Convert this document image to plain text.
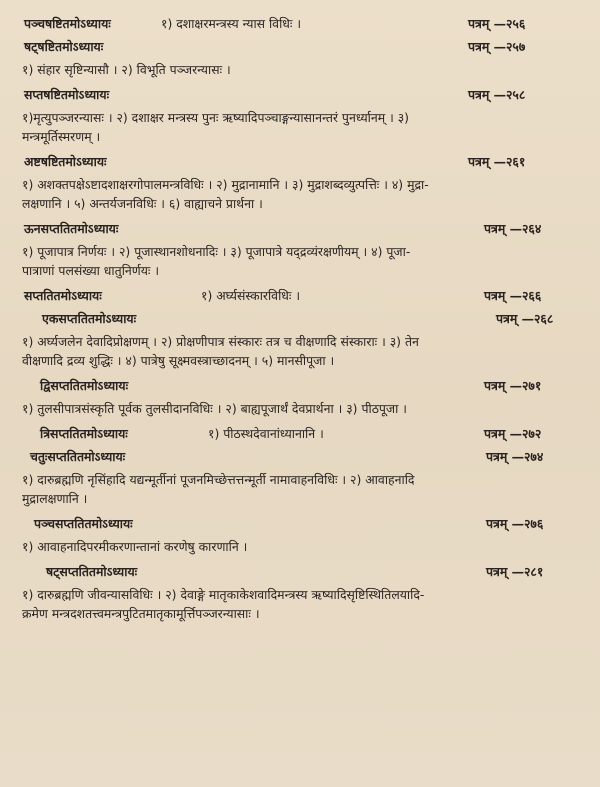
पञ्चषष्टितमोऽध्यायः	१) दशाक्षरमन्त्रस्य न्यास विधिः ।	पत्रम् —२५६
षट्षष्टितमोऽध्यायः	पत्रम् —२५७
१) संहार सृष्टिन्यासौ । २) विभूति पञ्जरन्यासः ।
सप्तषष्टितमोऽध्यायः	पत्रम् —२५८
१)मृत्युपञ्जरन्यासः । २) दशाक्षर मन्त्रस्य पुनः ऋष्यादिपञ्चाङ्गन्यासानन्तरं पुनर्ध्यानम् । ३)
मन्त्रमूर्तिस्मरणम् ।
अष्टषष्टितमोऽध्यायः	पत्रम् —२६१
१) अशक्तपक्षेऽष्टादशाक्षरगोपालमन्त्रविधिः । २) मुद्रानामानि । ३) मुद्राशब्दव्युत्पत्तिः । ४) मुद्रा-
लक्षणानि । ५) अन्तर्यजनविधिः । ६) वाह्याचने प्रार्थना ।
ऊनसप्ततितमोऽध्यायः	पत्रम् —२६४
१) पूजापात्र निर्णयः । २) पूजास्थानशोधनादिः । ३) पूजापात्रे यद्द्रव्यंरक्षणीयम् । ४) पूजा-
पात्राणां पलसंख्या धातुनिर्णयः ।
सप्ततितमोऽध्यायः	१) अर्घ्यसंस्कारविधिः ।	पत्रम् —२६६
एकसप्ततितमोऽध्यायः	पत्रम् —२६८
१) अर्घ्यजलेन देवादिप्रोक्षणम् । २) प्रोक्षणीपात्र संस्कारः तत्र च वीक्षणादि संस्काराः । ३) तेन
वीक्षणादि द्रव्य शुद्धिः । ४) पात्रेषु सूक्ष्मवस्त्राच्छादनम् । ५) मानसीपूजा ।
द्विसप्ततितमोऽध्यायः	पत्रम् —२७१
१) तुलसीपात्रसंस्कृति पूर्वक तुलसीदानविधिः । २) बाह्यपूजार्थं देवप्रार्थना । ३) पीठपूजा ।
त्रिसप्ततितमोऽध्यायः	१) पीठस्थदेवानांध्यानानि ।	पत्रम् —२७२
चतुःसप्ततितमोऽध्यायः	पत्रम् —२७४
१) दारुब्रह्मणि नृसिंहादि यद्यन्मूर्तीनां पूजनमिच्छेत्तत्तन्मूर्ती नामावाहनविधिः । २) आवाहनादि
मुद्रालक्षणानि ।
पञ्चसप्ततितमोऽध्यायः	पत्रम् —२७६
१) आवाहनादिपरमीकरणान्तानां करणेषु कारणानि ।
षट्सप्ततितमोऽध्यायः	पत्रम् —२८१
१) दारुब्रह्मणि जीवन्यासविधिः । २) देवाङ्गे मातृकाकेशवादिमन्त्रस्य ऋष्यादिसृष्टिस्थितिलयादि-
क्रमेण मन्त्रदशतत्त्वमन्त्रपुटितमातृकामूर्त्तिपञ्जरन्यासाः ।
